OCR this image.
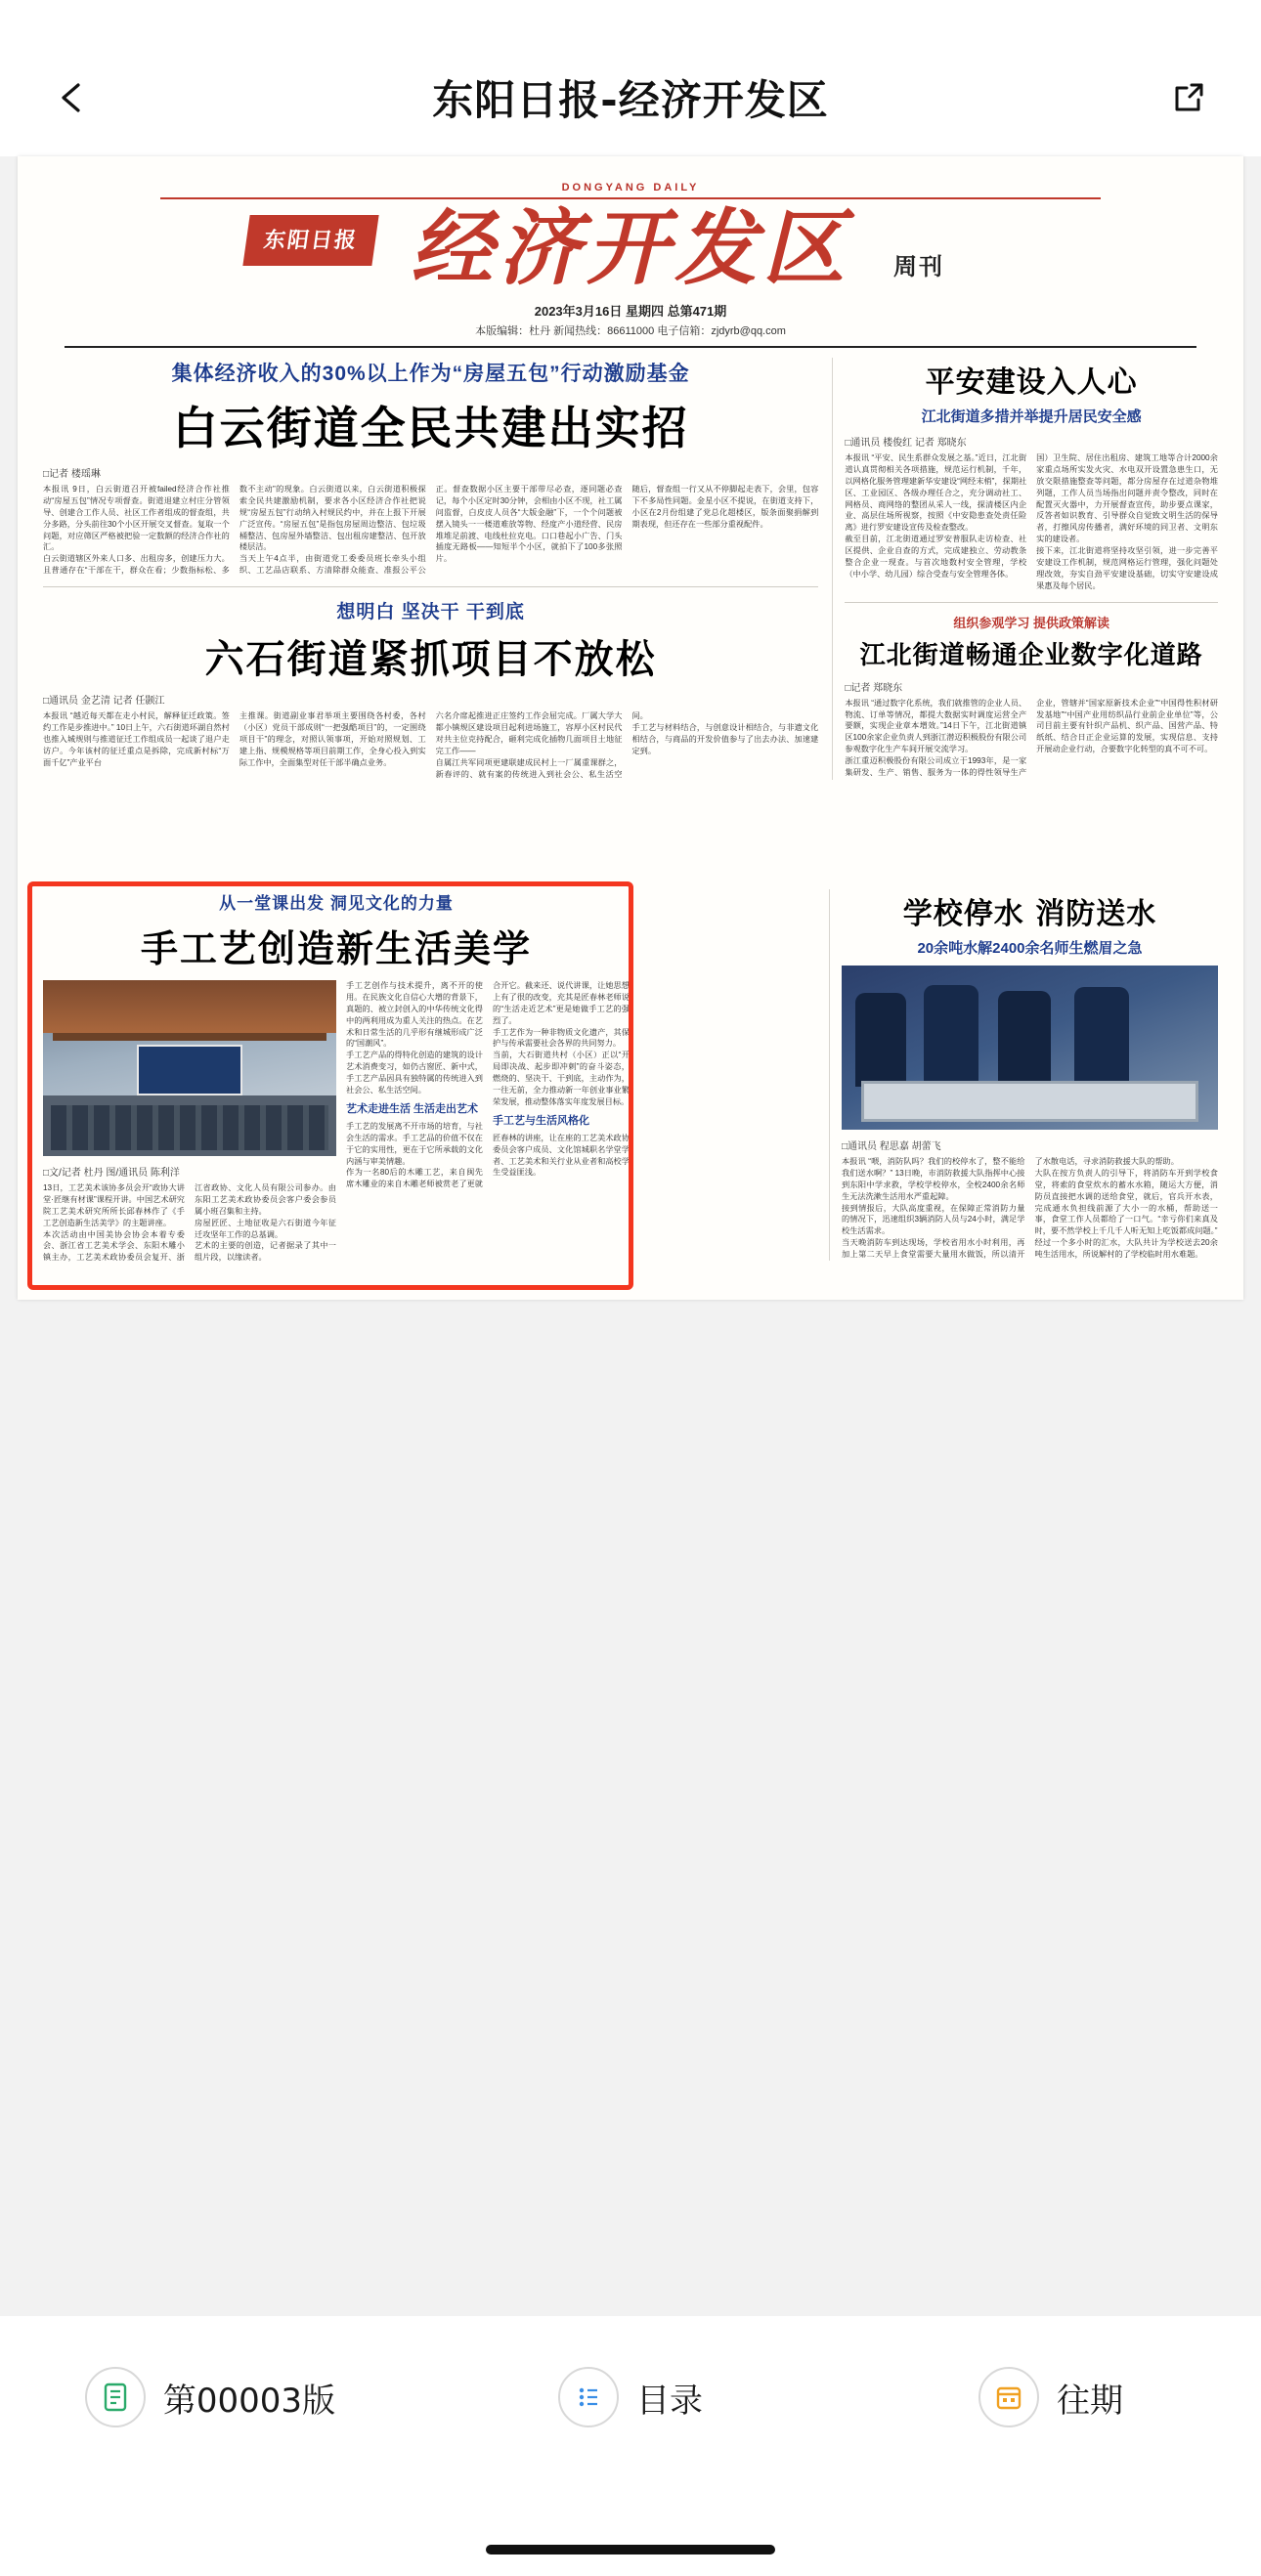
东阳日报-经济开发区
DONGYANG DAILY
东阳日报 经济开发区 周刊
2023年3月16日 星期四 总第471期
本版编辑：杜丹 新闻热线：86611000 电子信箱：zjdyrb@qq.com
集体经济收入的30%以上作为“房屋五包”行动激励基金
白云街道全民共建出实招
□记者 楼瑶琳

本报讯 9日，白云街道召开被failed经济合作社推动“房屋五包”情况专项督查。街道退建立村庄分管领导、创建合工作人员、社区工作者组成的督查组，共分多路，分头前往30个小区开展交叉督查。复取一个问题，对应筛区严格被把验一定数额的经济合作社的汇。

白云街道辖区外来人口多、出租房多，创建压力大。且普通存在“干部在干，群众在看；少数指标松、多数不主动”的现象。白云街道以来，白云街道积极探索全民共建激励机制，要求各小区经济合作社把说规“房屋五包”行动纳入村规民约中，并在上报下开展广泛宣传。“房屋五包”是指包房屋周边整洁、包垃圾桶整洁、包房屋外墙整洁、包出租房建整洁、包开放楼层洁。

当天上午4点半，由街道党工委委员班长牵头小组织、工艺品店联系、方清除群众能查、准报公平公正。督查数据小区主要干部带尽必查，逐同题必查记，每个小区定时30分钟，会相由小区不现，社工属问监督，白皮皮人员各“大版金融”下，一个个问题被摆入镜头一一楼道难放等物、经度产小道经营、民房堆堆足前渡、电线杜拉克电。口口巷起小广告、门头插度无路板——知短半个小区，就拍下了100多张照片。

随后，督查组一行又从不停脚起走表下，会里，包容下不多局性同题。金星小区不提说，在街道支持下，小区在2月份组建了党总化超楼区，版条面聚捐解到期表现，但还存在一些部分重视配件。

想明白 坚决干 干到底
六石街道紧抓项目不放松
□通讯员 金艺清 记者 任颢江

本报讯 “越近每天都在走小村民，解释征迁政策。签约工作是步推进中。” 10日上午，六石街道环湖自然村也推入城规则与推道征迁工作组成员一起谈了退户走访户。今年该村的征迁重点是拆除，完成新村标“万面千亿”产业平台

主推课。街道副业事君举项主要围绕各村委，各村（小区）党员干部成则“一把强酷项目”的，一定围绕项目干”的理念，对照认领事项，开始对照规划、工建上指、规模规格等项目前期工作，全身心投入到实际工作中，全面集型对任干部半确点业务。

六名介席起推进正庄签约工作会屈完成。厂属大学大都小镇规区建设项目起利进场施工，容厚小区村民代对共主位克持配合，砸利完成化插物几面项目土地征完工作——

自属江共军同项更建联建成民村上一厂属重课群之，新春评的、就有案的传统进入到社会公、私生活空间。

手工艺与材料结合，与创意设计相结合，与非遗文化相结合，与商品的开发价值参与了出去办法、加速建定到。

平安建设入人心
江北街道多措并举提升居民安全感
□通讯员 楼俊红 记者 郑晓东

本报讯 “平安、民生系群众发展之基。”近日，江北街道认真贯彻相关各项措施，规范运行机制，千年，以网格化服务管理建新华安建设“网经末梢”，探期社区、工业园区、各级办理任合之，充分调动社工、网格员、商网络的整团从采人一线，探清楼区内企业、高层住场所视察，按照《中安隐患查处责任险离》进行罗安建设宣传及检查整改。

截至目前，江北街道通过罗安普服队走访检查、社区提供、企业自查的方式，完成建独立、劳动教条整合企业一现查。与首次地数村安全管理，学校（中小学、幼儿园）综合受查与安全管理各体。

国）卫生院、居住出租房、建筑工地等合计2000余家重点场所实发火灾、水电双开设置急患生口，无放交限措施整查等问题，都分房屋存在过道杂物堆列题，工作人员当场指出问题并责令整改，同时在配置灭火器中，力开展督查宣传，助步要点课家，反答者如识教育、引导群众自觉致文明生活的保导者，打擦风房传播者，满好环境的同卫者、文明东实的建设者。

接下来，江北街道将坚持攻坚引领，进一步完善平安建设工作机制，规范网格运行管理，强化问题处理改效，夯实自劲平安建设基础，切实守安建设成果惠及每个居民。

组织参观学习 提供政策解读
江北街道畅通企业数字化道路
□记者 郑晓东

本报讯 “通过数字化系统，我们就推管的企业人员、物流、订单等情况，都提大数据实时调度运营全产要额，实现企业章本增效。”14日下午，江北街道镇区100余家企业负责人到浙江潜迈积极股份有限公司参观数字化生产车间开展交流学习。

浙江重迈积极股份有限公司成立于1993年，是一家集研发、生产、销售、服务为一体的得性领导生产企业，管辖并“国家原新技术企业”“中国得性积材研发基地”“中国产业用纺织品行业前企业单位”等，公司目前主要有针织产品机、织产品、国营产品、特纸纸、结合日正企业运算的发展，实现信息、支持开展动企业行动，合要数字化转型的真不可不可。

从一堂课出发 洞见文化的力量
手工艺创造新生活美学
□文/记者 杜丹 图/通讯员 陈利洋

13日，工艺美术该协多员会开“政协大讲堂·匠继有材课”课程开讲。中国艺术研究院工艺美术研究所所长邱春林作了《手工艺创造新生活美学》的主题讲座。

本次活动由中国美协会协会本着专委会、浙江省工艺美术学会、东阳木雕小镇主办，工艺美术政协委员会复开、浙江省政协、文化人员有限公司参办。由东阳工艺美术政协委员会客户委会参员属小班召集和主持。

房屋匠匠、土地征收是六石街道今年征迁攻坚年工作的总基调。

艺术的主要的创造，记者据录了其中一组片段，以缘读者。

手工艺创作与技术提升，离不开的使用。在民族文化自信心大增的背景下，真题的、被立封创入的中华传统文化得中的两利用成为重人关注的热点。在艺术和日常生活的几乎形有继城形成广泛的“国潮风”。

手工艺产品的得特化创造的建筑的设计艺术消费变习，如仍古窗匠、新中式，手工艺产品因具有独特属的传统进入到社会公、私生活空间。

艺术走进生活 生活走出艺术

手工艺的发展离不开市场的培育，与社会生活的需求。手工艺品的价值不仅在于它的实用性，更在于它所承载的文化内涵与审美情趣。

作为一名80后的木雕工艺，来自闽先席木雕业的来自木雕老师被赏老了更就合开它。截来还、说代讲课，让她思想上有了很的改变，充其是匠春林老师说的“生活走近艺术”更是她做手工艺的强烈了。

手工艺作为一种非物质文化遗产，其保护与传承需要社会各界的共同努力。

当前，大石街道共村（小区）正以“开局即决战、起步即冲刺”的奋斗姿态，燃烧的、坚决干、干到底，主动作为，一往无前，全力推动新一年创业事业繁荣发展，推动整体落实年度发展目标。

手工艺与生活风格化

匠春林的讲座，让在座的工艺美术政协委员会客户成员、文化馆城职名学堂学者、工艺美术和关行业从业者和高校学生受益匪浅。

学校停水 消防送水
20余吨水解2400余名师生燃眉之急
□通讯员 程思嘉 胡蕾飞

本报讯 “喂，消防队吗？我们的校停水了，整不能给我们送水啊？” 13日晚，市消防救援大队指挥中心接到东阳中学求救，学校学校停水，全校2400余名师生无法洗漱生活用水严重起障。

接到情报后，大队高度重视，在保障正常消防力量的情况下，迅速组织3辆消防人员与24小时，满足学校生活需求。

当天晚消防车到达现场，学校省用水小时利用，再加上第二天早上食堂需要大量用水做饭，所以清开了水散电话，寻求消防救援大队的帮助。

大队在按方负责人的引导下，将消防车开到学校食堂，将索的食堂炊水的蓄水水箱，随运大方便，消防员直接把水调的送给食堂，就后，官兵开水表，完成通水负担线前源了大小一的水桶，帮助送一事，食堂工作人员都给了一口气。“幸亏你们来真及时，要不然学校上千几千人听无知上吃饭都成问题。”

经过一个多小时的汇水，大队共计为学校送去20余吨生活用水，所说解村的了学校临时用水难题。

第00003版	目录	往期
